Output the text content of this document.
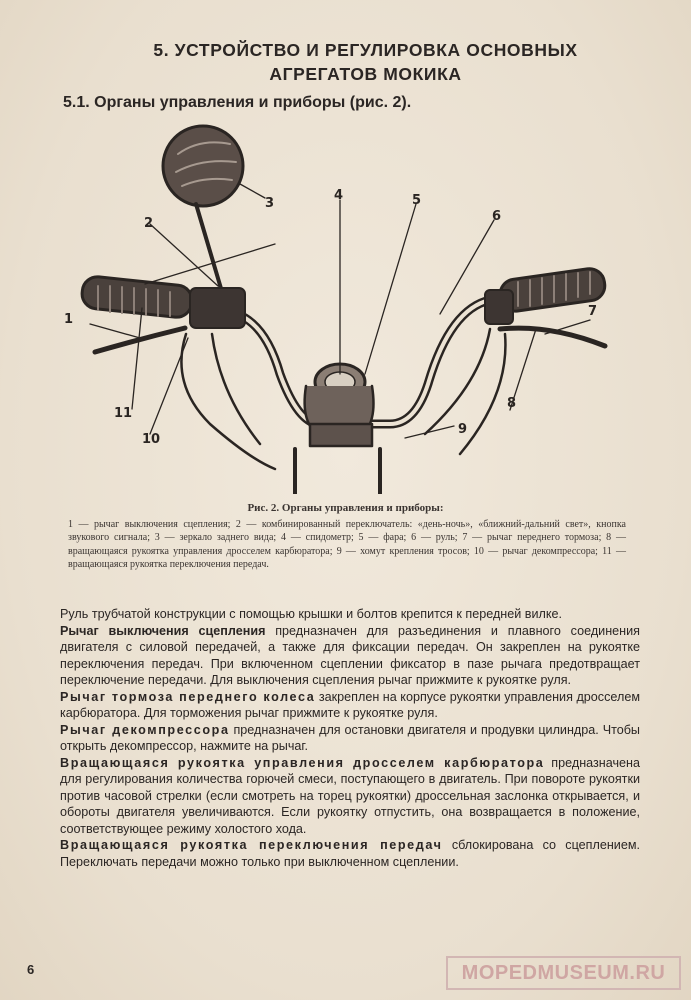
5. УСТРОЙСТВО И РЕГУЛИРОВКА ОСНОВНЫХ
АГРЕГАТОВ МОКИКА
5.1. Органы управления и приборы (рис. 2).
1
2
3
4	5
6
7
8
9
10
11
Рис. 2. Органы управления и приборы:
1 — рычаг выключения сцепления; 2 — комбинированный переключатель: «день-ночь», «ближний-дальний свет», кнопка звукового сигнала; 3 — зеркало заднего вида; 4 — спидометр; 5 — фара; 6 — руль; 7 — рычаг переднего тормоза; 8 — вращающаяся рукоятка управления дросселем карбюратора; 9 — хомут крепления тросов; 10 — рычаг декомпрессора; 11 — вращающаяся рукоятка переключения передач.

Руль трубчатой конструкции с помощью крышки и болтов крепится к передней вилке.

Рычаг выключения сцепления предназначен для разъединения и плавного соединения двигателя с силовой передачей, а также для фиксации передач. Он закреплен на рукоятке переключения передач. При включенном сцеплении фиксатор в пазе рычага предотвращает переключение передачи. Для выключения сцепления рычаг прижмите к рукоятке руля.

Рычаг тормоза переднего колеса закреплен на корпусе рукоятки управления дросселем карбюратора. Для торможения рычаг прижмите к рукоятке руля.

Рычаг декомпрессора предназначен для остановки двигателя и продувки цилиндра. Чтобы открыть декомпрессор, нажмите на рычаг.

Вращающаяся рукоятка управления дросселем карбюратора предназначена для регулирования количества горючей смеси, поступающего в двигатель. При повороте рукоятки против часовой стрелки (если смотреть на торец рукоятки) дроссельная заслонка открывается, и обороты двигателя увеличиваются. Если рукоятку отпустить, она возвращается в положение, соответствующее режиму холостого хода.

Вращающаяся рукоятка переключения передач сблокирована со сцеплением. Переключать передачи можно только при выключенном сцеплении.

6	MOPEDMUSEUM.RU
